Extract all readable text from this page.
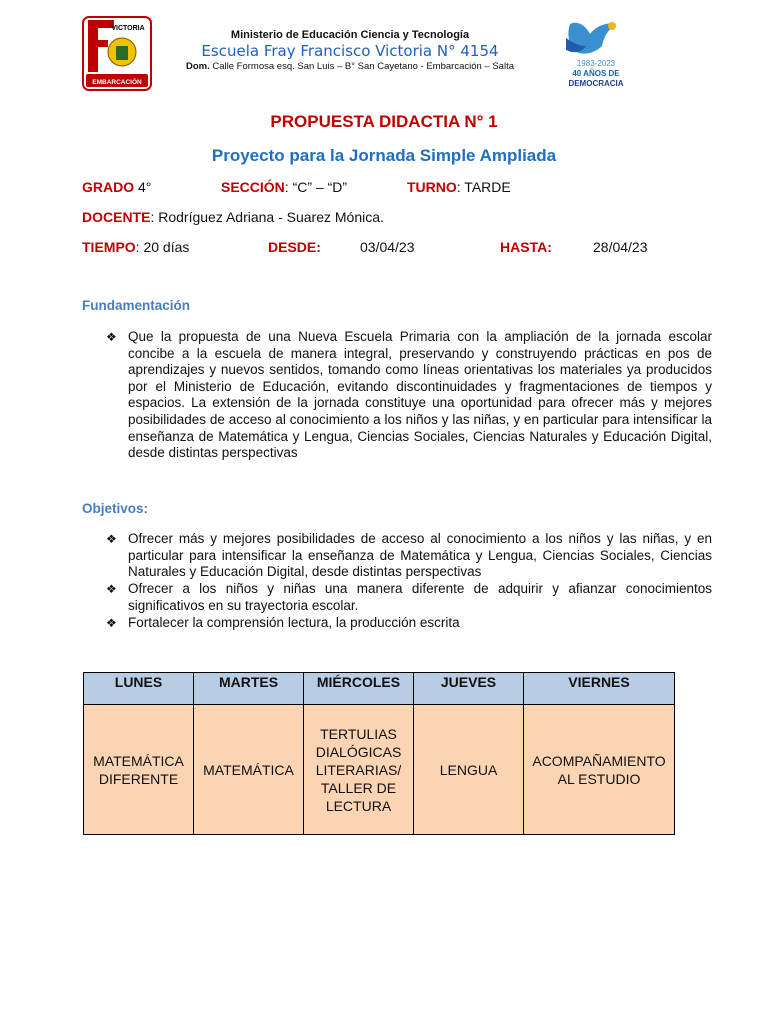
VICTORIA
EMBARCACIÓN
Ministerio de Educación Ciencia y Tecnología
Escuela Fray Francisco Victoria N° 4154
Dom. Calle Formosa esq. San Luis – B° San Cayetano - Embarcación – Salta	1983-2023
40 AÑOS DE
DEMOCRACIA
PROPUESTA DIDACTIA N° 1
Proyecto para la Jornada Simple Ampliada
GRADO 4°	SECCIÓN: “C” – “D”	TURNO: TARDE
DOCENTE: Rodríguez Adriana - Suarez Mónica.
TIEMPO: 20 días	DESDE:	03/04/23	HASTA:	28/04/23
Fundamentación
❖ Que la propuesta de una Nueva Escuela Primaria con la ampliación de la jornada escolar concibe a la escuela de manera integral, preservando y construyendo prácticas en pos de aprendizajes y nuevos sentidos, tomando como líneas orientativas los materiales ya producidos por el Ministerio de Educación, evitando discontinuidades y fragmentaciones de tiempos y espacios. La extensión de la jornada constituye una oportunidad para ofrecer más y mejores posibilidades de acceso al conocimiento a los niños y las niñas, y en particular para intensificar la enseñanza de Matemática y Lengua, Ciencias Sociales, Ciencias Naturales y Educación Digital, desde distintas perspectivas
Objetivos:
❖ Ofrecer más y mejores posibilidades de acceso al conocimiento a los niños y las niñas, y en particular para intensificar la enseñanza de Matemática y Lengua, Ciencias Sociales, Ciencias Naturales y Educación Digital, desde distintas perspectivas
❖ Ofrecer a los niños y niñas una manera diferente de adquirir y afianzar conocimientos significativos en su trayectoria escolar.
❖ Fortalecer la comprensión lectura, la producción escrita
LUNES	MARTES	MIÉRCOLES	JUEVES	VIERNES
MATEMÁTICA DIFERENTE	MATEMÁTICA	TERTULIAS DIALÓGICAS LITERARIAS/ TALLER DE LECTURA	LENGUA	ACOMPAÑAMIENTO AL ESTUDIO
